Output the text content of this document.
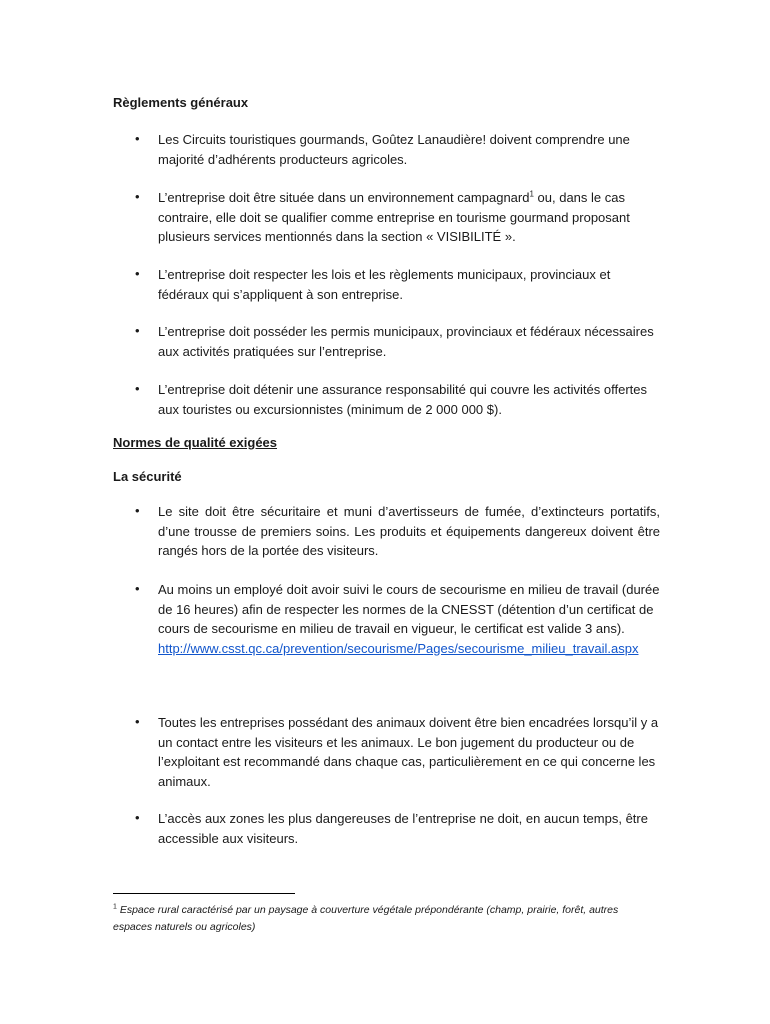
Règlements généraux
•	Les Circuits touristiques gourmands, Goûtez Lanaudière! doivent comprendre une majorité d’adhérents producteurs agricoles.
•	L’entreprise doit être située dans un environnement campagnard$^1$ ou, dans le cas contraire, elle doit se qualifier comme entreprise en tourisme gourmand proposant plusieurs services mentionnés dans la section « VISIBILITÉ ».
•	L’entreprise doit respecter les lois et les règlements municipaux, provinciaux et fédéraux qui s’appliquent à son entreprise.
•	L’entreprise doit posséder les permis municipaux, provinciaux et fédéraux nécessaires aux activités pratiquées sur l’entreprise.
•	L’entreprise doit détenir une assurance responsabilité qui couvre les activités offertes aux touristes ou excursionnistes (minimum de 2 000 000 $).
Normes de qualité exigées
La sécurité
•	Le site doit être sécuritaire et muni d’avertisseurs de fumée, d’extincteurs portatifs, d’une trousse de premiers soins. Les produits et équipements dangereux doivent être rangés hors de la portée des visiteurs.
•	Au moins un employé doit avoir suivi le cours de secourisme en milieu de travail (durée de 16 heures) afin de respecter les normes de la CNESST (détention d’un certificat de cours de secourisme en milieu de travail en vigueur, le certificat est valide 3 ans).
http://www.csst.qc.ca/prevention/secourisme/Pages/secourisme_milieu_travail.aspx
•	Toutes les entreprises possédant des animaux doivent être bien encadrées lorsqu’il y a un contact entre les visiteurs et les animaux. Le bon jugement du producteur ou de l’exploitant est recommandé dans chaque cas, particulièrement en ce qui concerne les animaux.
•	L’accès aux zones les plus dangereuses de l’entreprise ne doit, en aucun temps, être accessible aux visiteurs.
$^1$ Espace rural caractérisé par un paysage à couverture végétale prépondérante (champ, prairie, forêt, autres espaces naturels ou agricoles)
